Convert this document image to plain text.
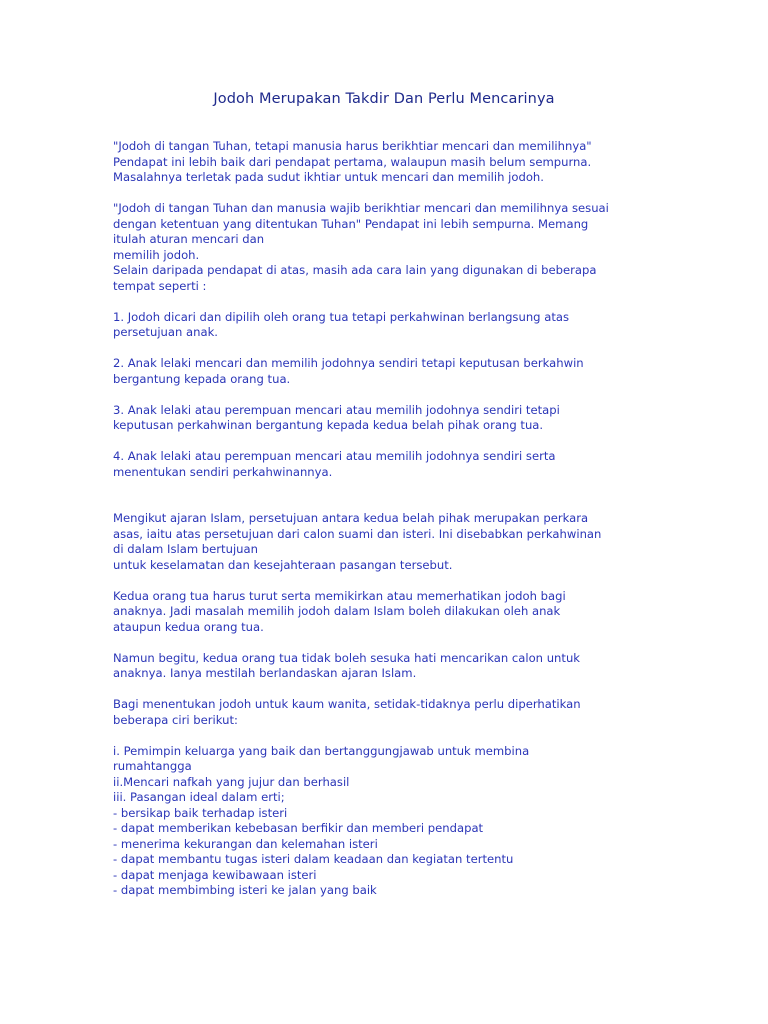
Jodoh Merupakan Takdir Dan Perlu Mencarinya
"Jodoh di tangan Tuhan, tetapi manusia harus berikhtiar mencari dan memilihnya"
Pendapat ini lebih baik dari pendapat pertama, walaupun masih belum sempurna.
Masalahnya terletak pada sudut ikhtiar untuk mencari dan memilih jodoh.
"Jodoh di tangan Tuhan dan manusia wajib berikhtiar mencari dan memilihnya sesuai
dengan ketentuan yang ditentukan Tuhan" Pendapat ini lebih sempurna. Memang
itulah aturan mencari dan
memilih jodoh.
Selain daripada pendapat di atas, masih ada cara lain yang digunakan di beberapa
tempat seperti :
1. Jodoh dicari dan dipilih oleh orang tua tetapi perkahwinan berlangsung atas
persetujuan anak.
2. Anak lelaki mencari dan memilih jodohnya sendiri tetapi keputusan berkahwin
bergantung kepada orang tua.
3. Anak lelaki atau perempuan mencari atau memilih jodohnya sendiri tetapi
keputusan perkahwinan bergantung kepada kedua belah pihak orang tua.
4. Anak lelaki atau perempuan mencari atau memilih jodohnya sendiri serta
menentukan sendiri perkahwinannya.
Mengikut ajaran Islam, persetujuan antara kedua belah pihak merupakan perkara
asas, iaitu atas persetujuan dari calon suami dan isteri. Ini disebabkan perkahwinan
di dalam Islam bertujuan
untuk keselamatan dan kesejahteraan pasangan tersebut.
Kedua orang tua harus turut serta memikirkan atau memerhatikan jodoh bagi
anaknya. Jadi masalah memilih jodoh dalam Islam boleh dilakukan oleh anak
ataupun kedua orang tua.
Namun begitu, kedua orang tua tidak boleh sesuka hati mencarikan calon untuk
anaknya. Ianya mestilah berlandaskan ajaran Islam.
Bagi menentukan jodoh untuk kaum wanita, setidak-tidaknya perlu diperhatikan
beberapa ciri berikut:
i. Pemimpin keluarga yang baik dan bertanggungjawab untuk membina
rumahtangga
ii.Mencari nafkah yang jujur dan berhasil
iii. Pasangan ideal dalam erti;
- bersikap baik terhadap isteri
- dapat memberikan kebebasan berfikir dan memberi pendapat
- menerima kekurangan dan kelemahan isteri
- dapat membantu tugas isteri dalam keadaan dan kegiatan tertentu
- dapat menjaga kewibawaan isteri
- dapat membimbing isteri ke jalan yang baik
